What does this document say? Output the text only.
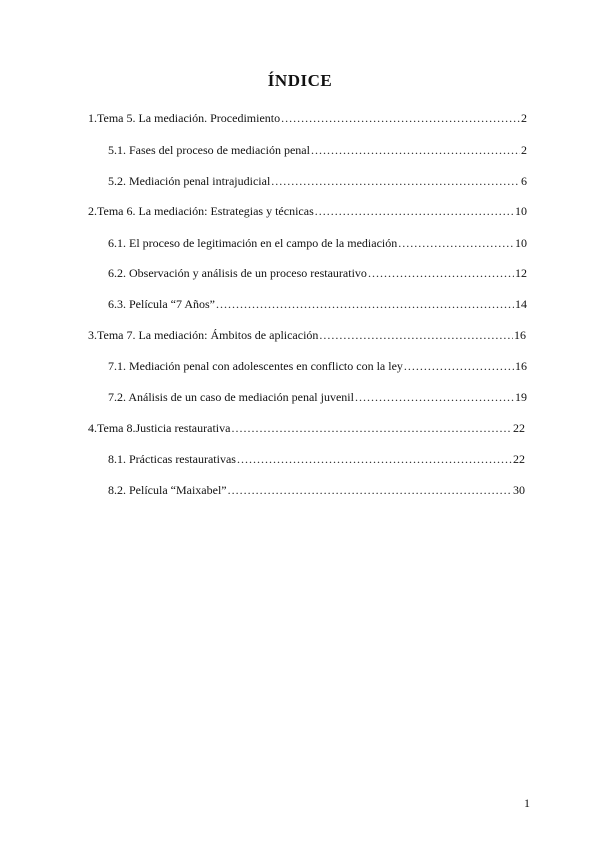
ÍNDICE
1. Tema 5. La mediación. Procedimiento .....	2
5.1. Fases del proceso de mediación penal .....	2
5.2. Mediación penal intrajudicial .....	6
2. Tema 6. La mediación: Estrategias y técnicas .....	10
6.1. El proceso de legitimación en el campo de la mediación .....	10
6.2. Observación y análisis de un proceso restaurativo .....	12
6.3. Película “7 Años” .....	14
3. Tema 7. La mediación: Ámbitos de aplicación .....	16
7.1. Mediación penal con adolescentes en conflicto con la ley .....	16
7.2. Análisis de un caso de mediación penal juvenil .....	19
4. Tema 8.Justicia restaurativa .....	22
8.1. Prácticas restaurativas .....	22
8.2. Película “Maixabel” .....	30
1
